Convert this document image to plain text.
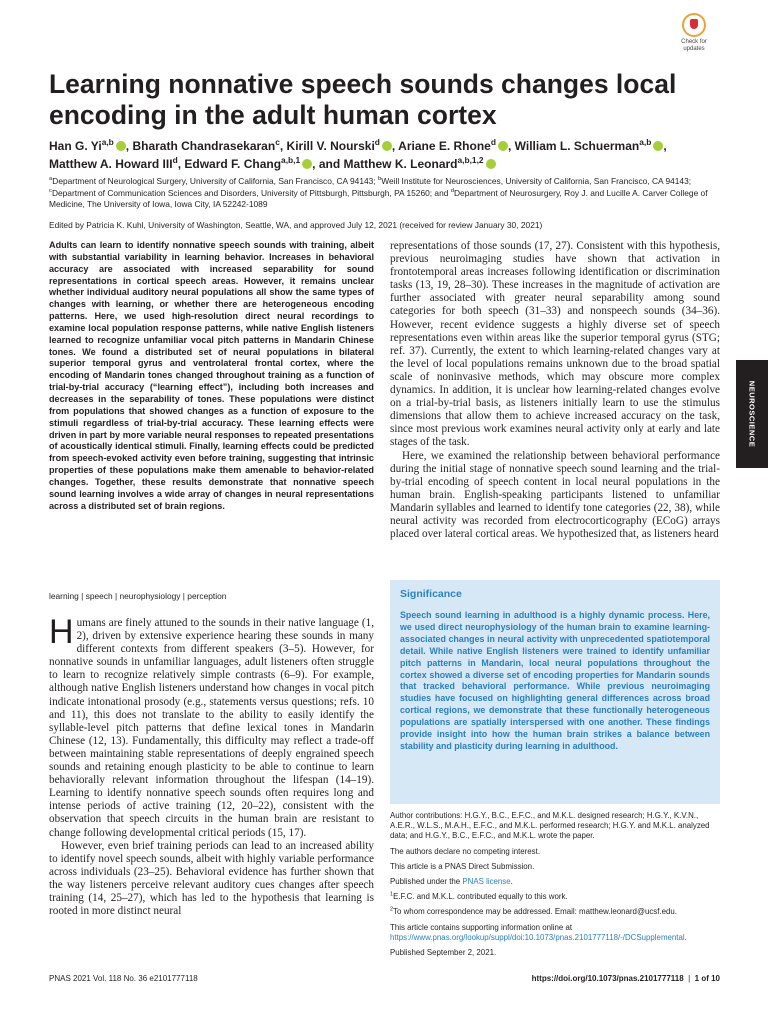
Check for
updates
Learning nonnative speech sounds changes local encoding in the adult human cortex
Han G. Yi$^{a,b}$ , Bharath Chandrasekaran$^c$, Kirill V. Nourski$^d$ , Ariane E. Rhone$^d$ , William L. Schuerman$^{a,b}$ ,
Matthew A. Howard III$^d$, Edward F. Chang$^{a,b,1}$ , and Matthew K. Leonard$^{a,b,1,2}$
$^a$Department of Neurological Surgery, University of California, San Francisco, CA 94143; $^b$Weill Institute for Neurosciences, University of California, San Francisco, CA 94143; $^c$Department of Communication Sciences and Disorders, University of Pittsburgh, Pittsburgh, PA 15260; and $^d$Department of Neurosurgery, Roy J. and Lucille A. Carver College of Medicine, The University of Iowa, Iowa City, IA 52242-1089
Edited by Patricia K. Kuhl, University of Washington, Seattle, WA, and approved July 12, 2021 (received for review January 30, 2021)
Adults can learn to identify nonnative speech sounds with training, albeit with substantial variability in learning behavior. Increases in behavioral accuracy are associated with increased separability for sound representations in cortical speech areas. However, it remains unclear whether individual auditory neural populations all show the same types of changes with learning, or whether there are heterogeneous encoding patterns. Here, we used high-resolution direct neural recordings to examine local population response patterns, while native English listeners learned to recognize unfamiliar vocal pitch patterns in Mandarin Chinese tones. We found a distributed set of neural populations in bilateral superior temporal gyrus and ventrolateral frontal cortex, where the encoding of Mandarin tones changed throughout training as a function of trial-by-trial accuracy (“learning effect”), including both increases and decreases in the separability of tones. These populations were distinct from populations that showed changes as a function of exposure to the stimuli regardless of trial-by-trial accuracy. These learning effects were driven in part by more variable neural responses to repeated presentations of acoustically identical stimuli. Finally, learning effects could be predicted from speech-evoked activity even before training, suggesting that intrinsic properties of these populations make them amenable to behavior-related changes. Together, these results demonstrate that nonnative speech sound learning involves a wide array of changes in neural representations across a distributed set of brain regions.
learning | speech | neurophysiology | perception

Humans are finely attuned to the sounds in their native language (1, 2), driven by extensive experience hearing these sounds in many different contexts from different speakers (3–5). However, for nonnative sounds in unfamiliar languages, adult listeners often struggle to learn to recognize relatively simple contrasts (6–9). For example, although native English listeners understand how changes in vocal pitch indicate intonational prosody (e.g., statements versus questions; refs. 10 and 11), this does not translate to the ability to easily identify the syllable-level pitch patterns that define lexical tones in Mandarin Chinese (12, 13). Fundamentally, this difficulty may reflect a trade-off between maintaining stable representations of deeply engrained speech sounds and retaining enough plasticity to be able to continue to learn behaviorally relevant information throughout the lifespan (14–19). Learning to identify nonnative speech sounds often requires long and intense periods of active training (12, 20–22), consistent with the observation that speech circuits in the human brain are resistant to change following developmental critical periods (15, 17).

However, even brief training periods can lead to an increased ability to identify novel speech sounds, albeit with highly variable performance across individuals (23–25). Behavioral evidence has further shown that the way listeners perceive relevant auditory cues changes after speech training (14, 25–27), which has led to the hypothesis that learning is rooted in more distinct neural

representations of those sounds (17, 27). Consistent with this hypothesis, previous neuroimaging studies have shown that activation in frontotemporal areas increases following identification or discrimination tasks (13, 19, 28–30). These increases in the magnitude of activation are further associated with greater neural separability among sound categories for both speech (31–33) and nonspeech sounds (34–36). However, recent evidence suggests a highly diverse set of speech representations even within areas like the superior temporal gyrus (STG; ref. 37). Currently, the extent to which learning-related changes vary at the level of local populations remains unknown due to the broad spatial scale of noninvasive methods, which may obscure more complex dynamics. In addition, it is unclear how learning-related changes evolve on a trial-by-trial basis, as listeners initially learn to use the stimulus dimensions that allow them to achieve increased accuracy on the task, since most previous work examines neural activity only at early and late stages of the task.

Here, we examined the relationship between behavioral performance during the initial stage of nonnative speech sound learning and the trial-by-trial encoding of speech content in local neural populations in the human brain. English-speaking participants listened to unfamiliar Mandarin syllables and learned to identify tone categories (22, 38), while neural activity was recorded from electrocorticography (ECoG) arrays placed over lateral cortical areas. We hypothesized that, as listeners heard

Significance

Speech sound learning in adulthood is a highly dynamic process. Here, we used direct neurophysiology of the human brain to examine learning-associated changes in neural activity with unprecedented spatiotemporal detail. While native English listeners were trained to identify unfamiliar pitch patterns in Mandarin, local neural populations throughout the cortex showed a diverse set of encoding properties for Mandarin sounds that tracked behavioral performance. While previous neuroimaging studies have focused on highlighting general differences across broad cortical regions, we demonstrate that these functionally heterogeneous populations are spatially interspersed with one another. These findings provide insight into how the human brain strikes a balance between stability and plasticity during learning in adulthood.

Author contributions: H.G.Y., B.C., E.F.C., and M.K.L. designed research; H.G.Y., K.V.N., A.E.R., W.L.S., M.A.H., E.F.C., and M.K.L. performed research; H.G.Y. and M.K.L. analyzed data; and H.G.Y., B.C., E.F.C., and M.K.L. wrote the paper.

The authors declare no competing interest.

This article is a PNAS Direct Submission.

Published under the PNAS license.

$^1$E.F.C. and M.K.L. contributed equally to this work.

$^2$To whom correspondence may be addressed. Email: matthew.leonard@ucsf.edu.

This article contains supporting information online at https://www.pnas.org/lookup/suppl/doi:10.1073/pnas.2101777118/-/DCSupplemental.

Published September 2, 2021.

NEUROSCIENCE
PNAS 2021 Vol. 118 No. 36 e2101777118	https://doi.org/10.1073/pnas.2101777118  |  1 of 10
